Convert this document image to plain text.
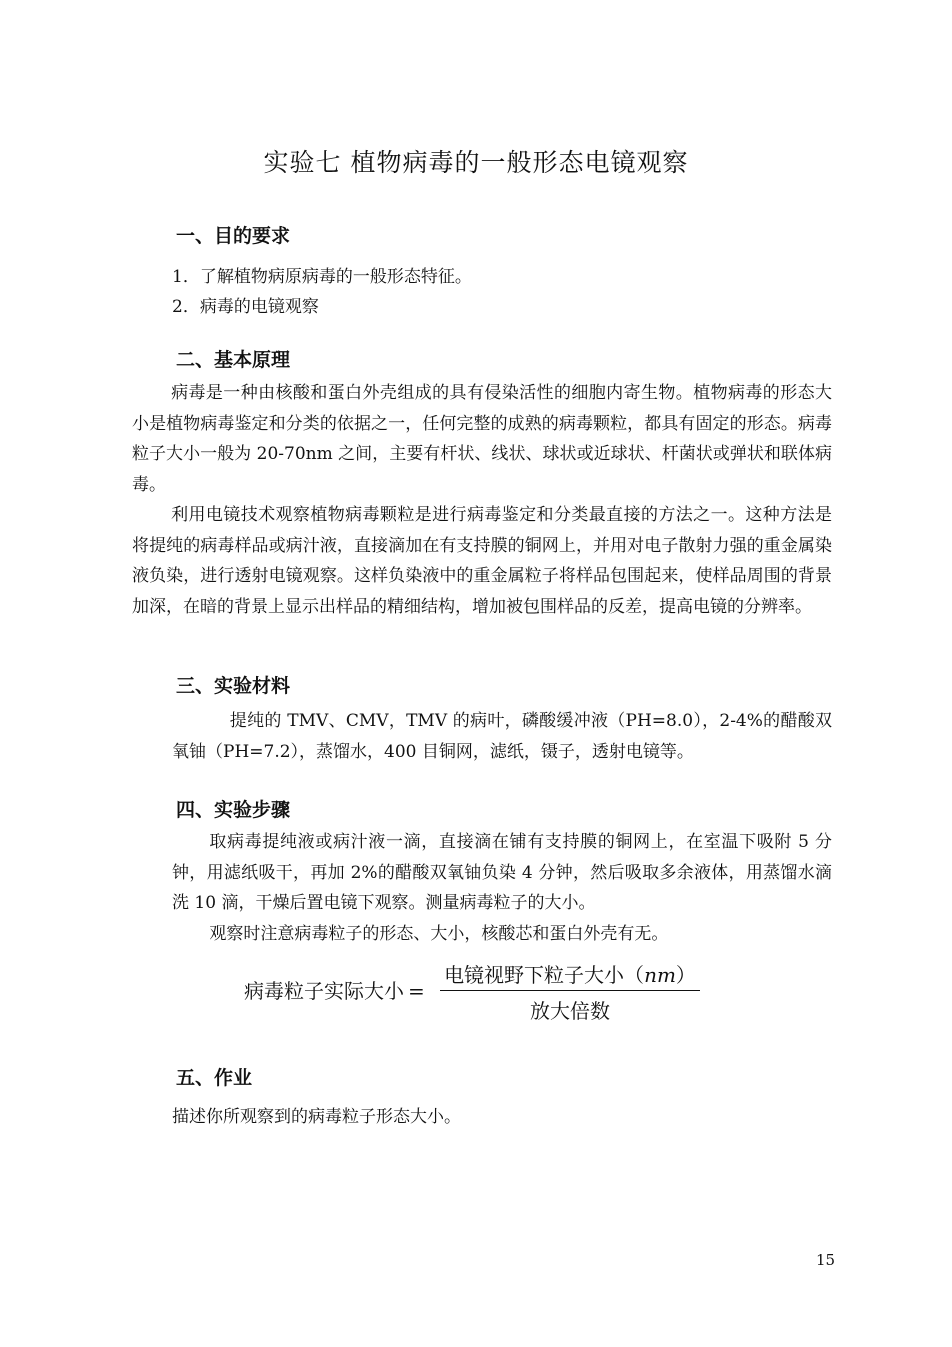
实验七 植物病毒的一般形态电镜观察
一、目的要求
1．了解植物病原病毒的一般形态特征。
2．病毒的电镜观察
二、基本原理

病毒是一种由核酸和蛋白外壳组成的具有侵染活性的细胞内寄生物。植物病毒的形态大小是植物病毒鉴定和分类的依据之一，任何完整的成熟的病毒颗粒，都具有固定的形态。病毒粒子大小一般为 20-70nm 之间，主要有杆状、线状、球状或近球状、杆菌状或弹状和联体病毒。

利用电镜技术观察植物病毒颗粒是进行病毒鉴定和分类最直接的方法之一。这种方法是将提纯的病毒样品或病汁液，直接滴加在有支持膜的铜网上，并用对电子散射力强的重金属染液负染，进行透射电镜观察。这样负染液中的重金属粒子将样品包围起来，使样品周围的背景加深，在暗的背景上显示出样品的精细结构，增加被包围样品的反差，提高电镜的分辨率。

三、实验材料

提纯的 TMV、CMV，TMV 的病叶，磷酸缓冲液（PH=8.0），2-4%的醋酸双氧铀（PH=7.2），蒸馏水，400 目铜网，滤纸，镊子，透射电镜等。

四、实验步骤

取病毒提纯液或病汁液一滴，直接滴在铺有支持膜的铜网上，在室温下吸附 5 分钟，用滤纸吸干，再加 2%的醋酸双氧铀负染 4 分钟，然后吸取多余液体，用蒸馏水滴洗 10 滴，干燥后置电镜下观察。测量病毒粒子的大小。

观察时注意病毒粒子的形态、大小，核酸芯和蛋白外壳有无。

病毒粒子实际大小 =
电镜视野下粒子大小（nm）
放大倍数
五、作业
描述你所观察到的病毒粒子形态大小。
15
